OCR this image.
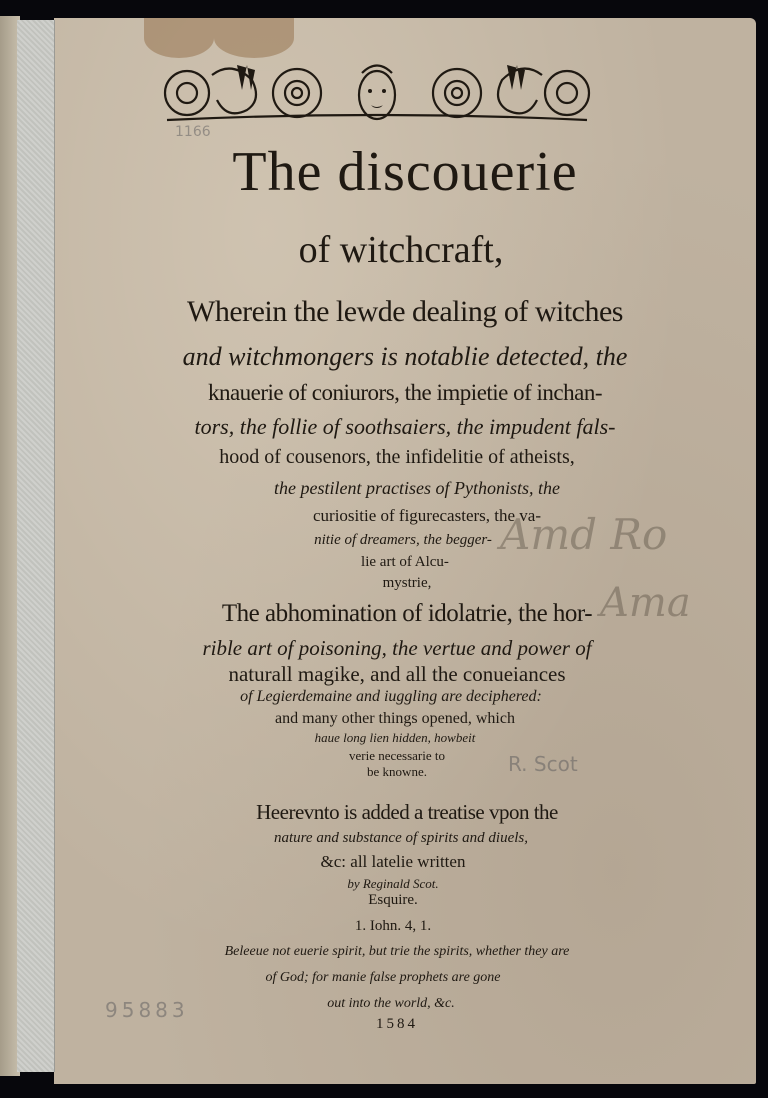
1166
The discouerie
of witchcraft,
Wherein the lewde dealing of witches
and witchmongers is notablie detected, the
knauerie of coniurors, the impietie of inchan-
tors, the follie of soothsaiers, the impudent fals-
hood of cousenors, the infidelitie of atheists,
the pestilent practises of Pythonists, the
curiositie of figurecasters, the va-
nitie of dreamers, the begger-
lie art of Alcu-
mystrie,
The abhomination of idolatrie, the hor-
rible art of poisoning, the vertue and power of
naturall magike, and all the conueiances
of Legierdemaine and iuggling are deciphered:
and many other things opened, which
haue long lien hidden, howbeit
verie necessarie to
be knowne.
Heerevnto is added a treatise vpon the
nature and substance of spirits and diuels,
&c: all latelie written
by Reginald Scot.
Esquire.
1. Iohn. 4, 1.
Beleeue not euerie spirit, but trie the spirits, whether they are
of God; for manie false prophets are gone
out into the world, &c.
1584
95883
R. Scot
Amd Ro
Ama
